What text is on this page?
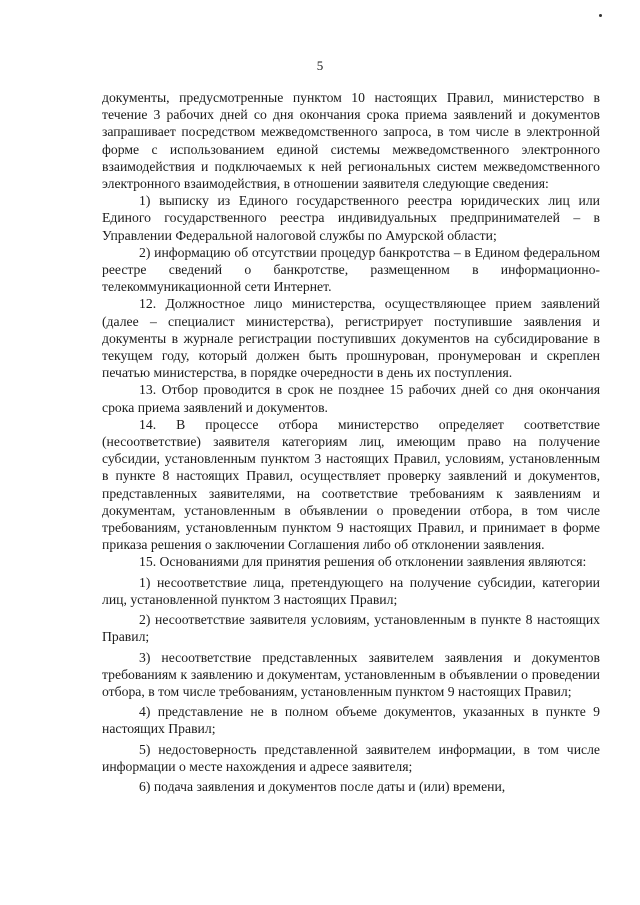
5

документы, предусмотренные пунктом 10 настоящих Правил, министерство в течение 3 рабочих дней со дня окончания срока приема заявлений и документов запрашивает посредством межведомственного запроса, в том числе в электронной форме с использованием единой системы межведомственного электронного взаимодействия и подключаемых к ней региональных систем межведомственного электронного взаимодействия, в отношении заявителя следующие сведения:

1) выписку из Единого государственного реестра юридических лиц или Единого государственного реестра индивидуальных предпринимателей – в Управлении Федеральной налоговой службы по Амурской области;

2) информацию об отсутствии процедур банкротства – в Едином федеральном реестре сведений о банкротстве, размещенном в информационно-телекоммуникационной сети Интернет.

12. Должностное лицо министерства, осуществляющее прием заявлений (далее – специалист министерства), регистрирует поступившие заявления и документы в журнале регистрации поступивших документов на субсидирование в текущем году, который должен быть прошнурован, пронумерован и скреплен печатью министерства, в порядке очередности в день их поступления.

13. Отбор проводится в срок не позднее 15 рабочих дней со дня окончания срока приема заявлений и документов.

14. В процессе отбора министерство определяет соответствие (несоответствие) заявителя категориям лиц, имеющим право на получение субсидии, установленным пунктом 3 настоящих Правил, условиям, установленным в пункте 8 настоящих Правил, осуществляет проверку заявлений и документов, представленных заявителями, на соответствие требованиям к заявлениям и документам, установленным в объявлении о проведении отбора, в том числе требованиям, установленным пунктом 9 настоящих Правил, и принимает в форме приказа решения о заключении Соглашения либо об отклонении заявления.

15. Основаниями для принятия решения об отклонении заявления являются:

1) несоответствие лица, претендующего на получение субсидии, категории лиц, установленной пунктом 3 настоящих Правил;

2) несоответствие заявителя условиям, установленным в пункте 8 настоящих Правил;

3) несоответствие представленных заявителем заявления и документов требованиям к заявлению и документам, установленным в объявлении о проведении отбора, в том числе требованиям, установленным пунктом 9 настоящих Правил;

4) представление не в полном объеме документов, указанных в пункте 9 настоящих Правил;

5) недостоверность представленной заявителем информации, в том числе информации о месте нахождения и адресе заявителя;

6) подача заявления и документов после даты и (или) времени,
